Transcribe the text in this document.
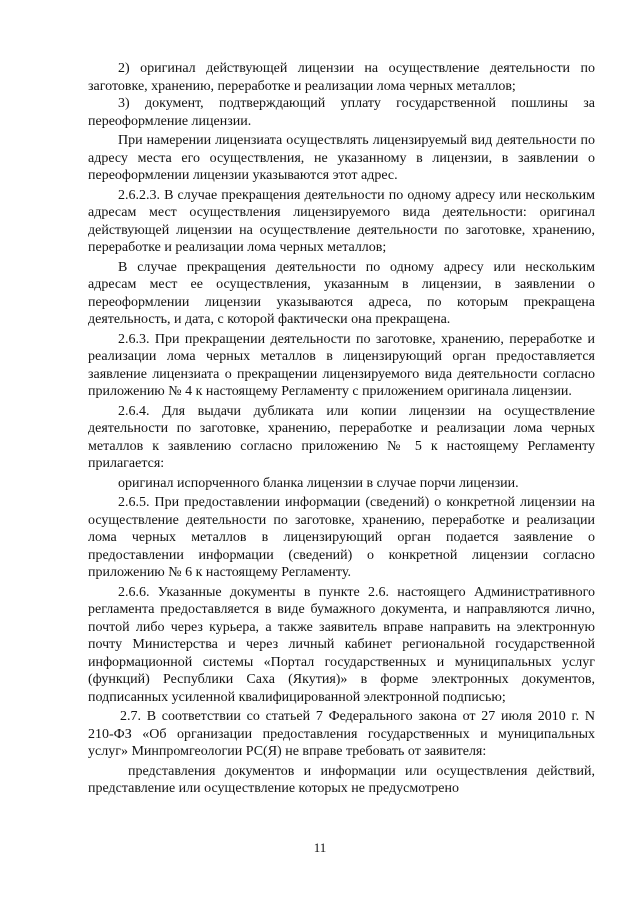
2) оригинал действующей лицензии на осуществление деятельности по заготовке, хранению, переработке и реализации лома черных металлов;

3) документ, подтверждающий уплату государственной пошлины за переоформление лицензии.

При намерении лицензиата осуществлять лицензируемый вид деятельности по адресу места его осуществления, не указанному в лицензии, в заявлении о переоформлении лицензии указываются этот адрес.

2.6.2.3. В случае прекращения деятельности по одному адресу или нескольким адресам мест осуществления лицензируемого вида деятельности: оригинал действующей лицензии на осуществление деятельности по заготовке, хранению, переработке и реализации лома черных металлов;

В случае прекращения деятельности по одному адресу или нескольким адресам мест ее осуществления, указанным в лицензии, в заявлении о переоформлении лицензии указываются адреса, по которым прекращена деятельность, и дата, с которой фактически она прекращена.

2.6.3. При прекращении деятельности по заготовке, хранению, переработке и реализации лома черных металлов в лицензирующий орган предоставляется заявление лицензиата о прекращении лицензируемого вида деятельности согласно приложению № 4 к настоящему Регламенту с приложением оригинала лицензии.

2.6.4. Для выдачи дубликата или копии лицензии на осуществление деятельности по заготовке, хранению, переработке и реализации лома черных металлов к заявлению согласно приложению № 5 к настоящему Регламенту прилагается:

оригинал испорченного бланка лицензии в случае порчи лицензии.

2.6.5. При предоставлении информации (сведений) о конкретной лицензии на осуществление деятельности по заготовке, хранению, переработке и реализации лома черных металлов в лицензирующий орган подается заявление о предоставлении информации (сведений) о конкретной лицензии согласно приложению № 6 к настоящему Регламенту.

2.6.6. Указанные документы в пункте 2.6. настоящего Административного регламента предоставляется в виде бумажного документа, и направляются лично, почтой либо через курьера, а также заявитель вправе направить на электронную почту Министерства и через личный кабинет региональной государственной информационной системы «Портал государственных и муниципальных услуг (функций) Республики Саха (Якутия)» в форме электронных документов, подписанных усиленной квалифицированной электронной подписью;

2.7. В соответствии со статьей 7 Федерального закона от 27 июля 2010 г. N 210-ФЗ «Об организации предоставления государственных и муниципальных услуг» Минпромгеологии РС(Я) не вправе требовать от заявителя:

представления документов и информации или осуществления действий, представление или осуществление которых не предусмотрено

11
